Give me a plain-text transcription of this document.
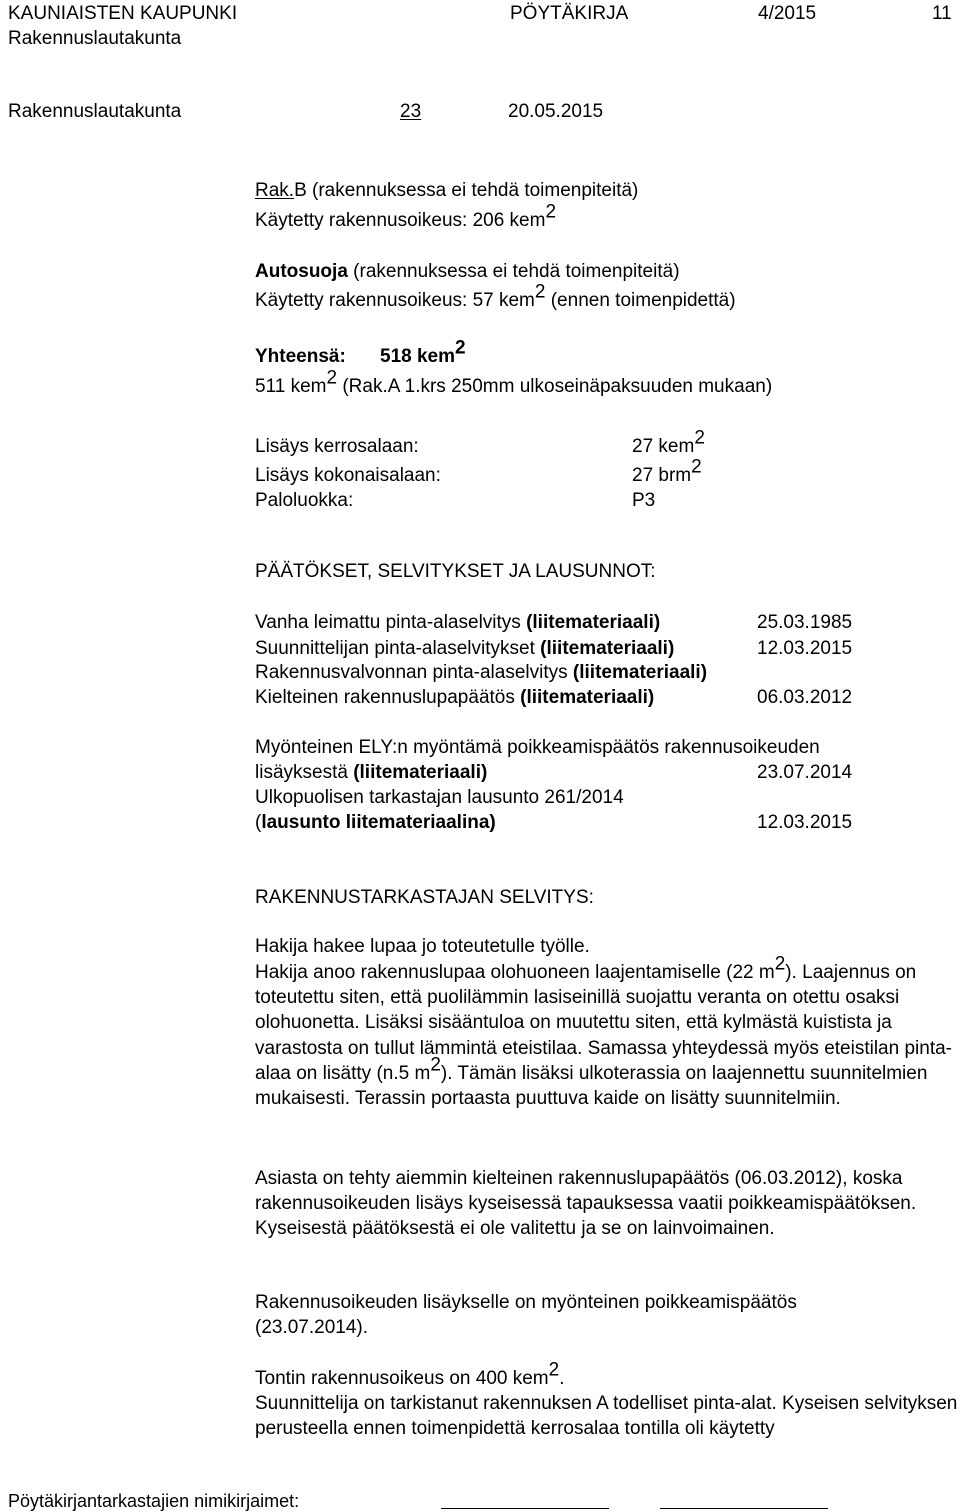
KAUNIAISTEN KAUPUNKI	PÖYTÄKIRJA	4/2015	11
Rakennuslautakunta
Rakennuslautakunta	23	20.05.2015
Rak.B (rakennuksessa ei tehdä toimenpiteitä)
Käytetty rakennusoikeus: 206 kem$^2$
Autosuoja (rakennuksessa ei tehdä toimenpiteitä)
Käytetty rakennusoikeus: 57 kem$^2$ (ennen toimenpidettä)
Yhteensä: 518 kem$^2$
511 kem$^2$ (Rak.A 1.krs 250mm ulkoseinäpaksuuden mukaan)
Lisäys kerrosalaan:	27 kem$^2$
Lisäys kokonaisalaan:	27 brm$^2$
Paloluokka:	P3
PÄÄTÖKSET, SELVITYKSET JA LAUSUNNOT:
Vanha leimattu pinta-alaselvitys (liitemateriaali)	25.03.1985
Suunnittelijan pinta-alaselvitykset (liitemateriaali)	12.03.2015
Rakennusvalvonnan pinta-alaselvitys (liitemateriaali)
Kielteinen rakennuslupapäätös (liitemateriaali)	06.03.2012
Myönteinen ELY:n myöntämä poikkeamispäätös rakennusoikeuden
lisäyksestä (liitemateriaali)	23.07.2014
Ulkopuolisen tarkastajan lausunto 261/2014
(lausunto liitemateriaalina)	12.03.2015
RAKENNUSTARKASTAJAN SELVITYS:
Hakija hakee lupaa jo toteutetulle työlle.
Hakija anoo rakennuslupaa olohuoneen laajentamiselle (22 $m^2$). Laajennus on toteutettu siten, että puolilämmin lasiseinillä suojattu veranta on otettu osaksi olohuonetta. Lisäksi sisääntuloa on muutettu siten, että kylmästä kuistista ja varastosta on tullut lämmintä eteistilaa. Samassa yhteydessä myös eteistilan pinta-alaa on lisätty (n.5 $m^2$). Tämän lisäksi ulkoterassia on laajennettu suunnitelmien mukaisesti. Terassin portaasta puuttuva kaide on lisätty suunnitelmiin.
Asiasta on tehty aiemmin kielteinen rakennuslupapäätös (06.03.2012), koska rakennusoikeuden lisäys kyseisessä tapauksessa vaatii poikkeamispäätöksen. Kyseisestä päätöksestä ei ole valitettu ja se on lainvoimainen.
Rakennusoikeuden lisäykselle on myönteinen poikkeamispäätös (23.07.2014).
Tontin rakennusoikeus on 400 kem$^2$.
Suunnittelija on tarkistanut rakennuksen A todelliset pinta-alat. Kyseisen selvityksen perusteella ennen toimenpidettä kerrosalaa tontilla oli käytetty
Pöytäkirjantarkastajien nimikirjaimet:
